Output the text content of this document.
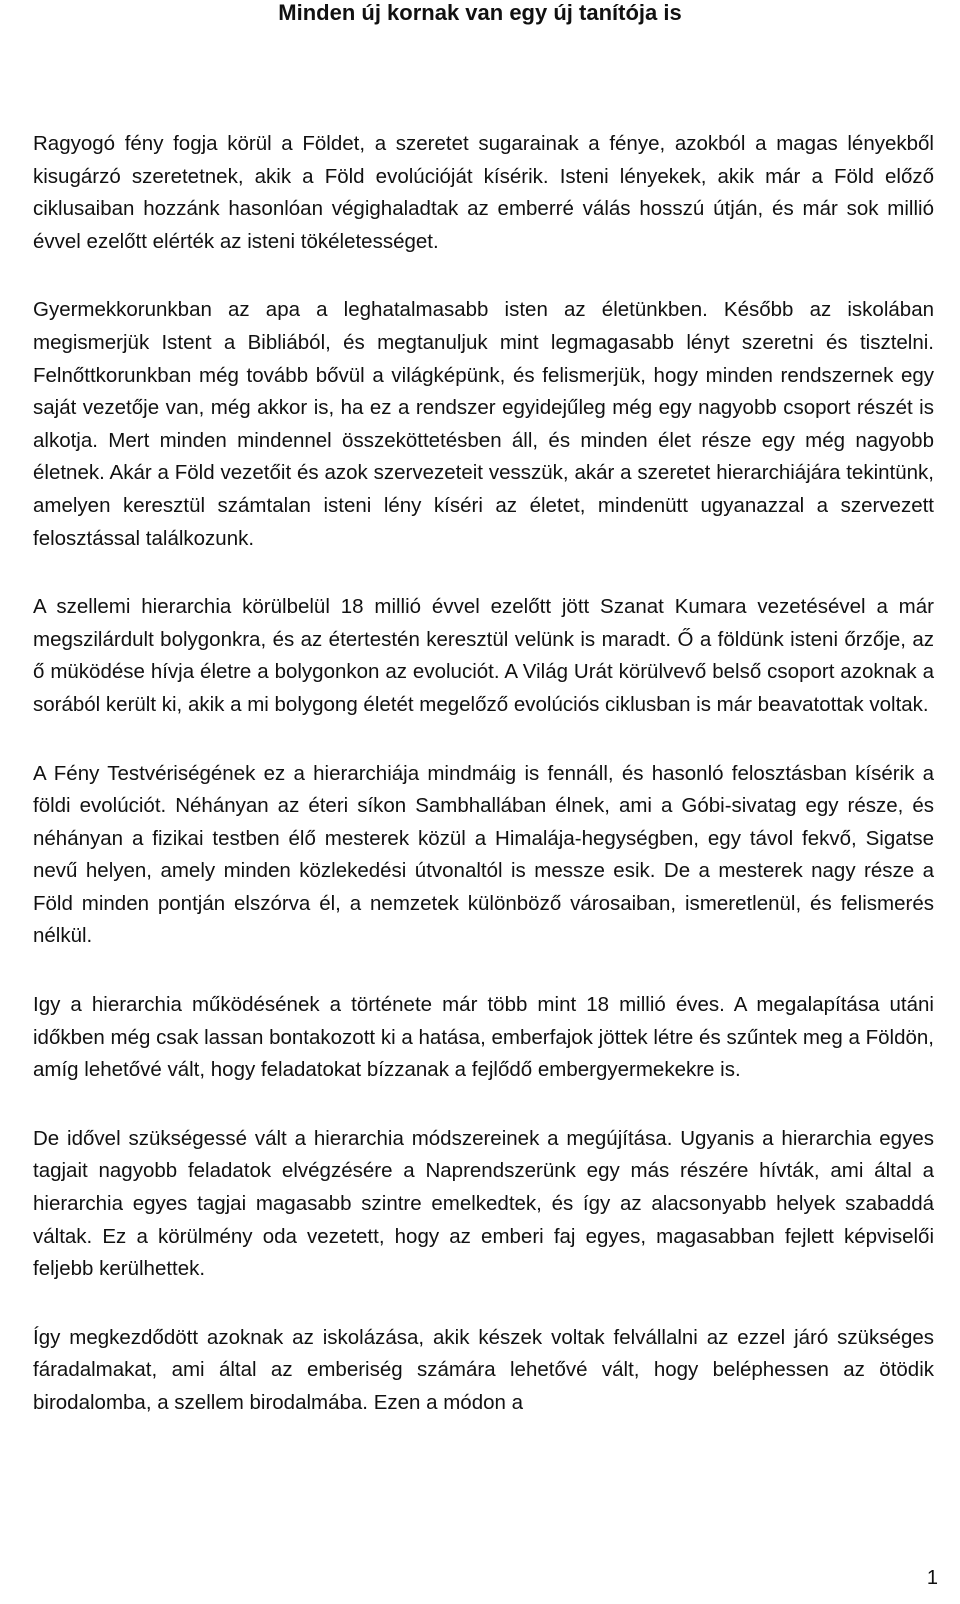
Minden új kornak van egy új tanítója is

Ragyogó fény fogja körül a Földet, a szeretet sugarainak a fénye, azokból a magas lényekből kisugárzó szeretetnek, akik a Föld evolúcióját kísérik. Isteni lényekek, akik már a Föld előző ciklusaiban hozzánk hasonlóan végighaladtak az emberré válás hosszú útján, és már sok millió évvel ezelőtt elérték az isteni tökéletességet.

Gyermekkorunkban az apa a leghatalmasabb isten az életünkben. Később az iskolában megismerjük Istent a Bibliából, és megtanuljuk mint legmagasabb lényt szeretni és tisztelni. Felnőttkorunkban még tovább bővül a világképünk, és felismerjük, hogy minden rendszernek egy saját vezetője van, még akkor is, ha ez a rendszer egyidejűleg még egy nagyobb csoport részét is alkotja. Mert minden mindennel összeköttetésben áll, és minden élet része egy még nagyobb életnek. Akár a Föld vezetőit és azok szervezeteit vesszük, akár a szeretet hierarchiájára tekintünk, amelyen keresztül számtalan isteni lény kíséri az életet, mindenütt ugyanazzal a szervezett felosztással találkozunk.

A szellemi hierarchia körülbelül 18 millió évvel ezelőtt jött Szanat Kumara vezetésével a már megszilárdult bolygonkra, és az étertestén keresztül velünk is maradt. Ő a földünk isteni őrzője, az ő müködése hívja életre a bolygonkon az evoluciót. A Világ Urát körülvevő belső csoport azoknak a sorából került ki, akik a mi bolygong életét megelőző evolúciós ciklusban is már beavatottak voltak.

A Fény Testvériségének ez a hierarchiája mindmáig is fennáll, és hasonló felosztásban kísérik a földi evolúciót. Néhányan az éteri síkon Sambhallában élnek, ami a Góbi-sivatag egy része, és néhányan a fizikai testben élő mesterek közül a Himalája-hegységben, egy távol fekvő, Sigatse nevű helyen, amely minden közlekedési útvonaltól is messze esik. De a mesterek nagy része a Föld minden pontján elszórva él, a nemzetek különböző városaiban, ismeretlenül, és felismerés nélkül.

Igy a hierarchia működésének a története már több mint 18 millió éves. A megalapítása utáni időkben még csak lassan bontakozott ki a hatása, emberfajok jöttek létre és szűntek meg a Földön, amíg lehetővé vált, hogy feladatokat bízzanak a fejlődő embergyermekekre is.

De idővel szükségessé vált a hierarchia módszereinek a megújítása. Ugyanis a hierarchia egyes tagjait nagyobb feladatok elvégzésére a Naprendszerünk egy más részére hívták, ami által a hierarchia egyes tagjai magasabb szintre emelkedtek, és így az alacsonyabb helyek szabaddá váltak. Ez a körülmény oda vezetett, hogy az emberi faj egyes, magasabban fejlett képviselői feljebb kerülhettek.

Így megkezdődött azoknak az iskolázása, akik készek voltak felvállalni az ezzel járó szükséges fáradalmakat, ami által az emberiség számára lehetővé vált, hogy beléphessen az ötödik birodalomba, a szellem birodalmába. Ezen a módon a

1
